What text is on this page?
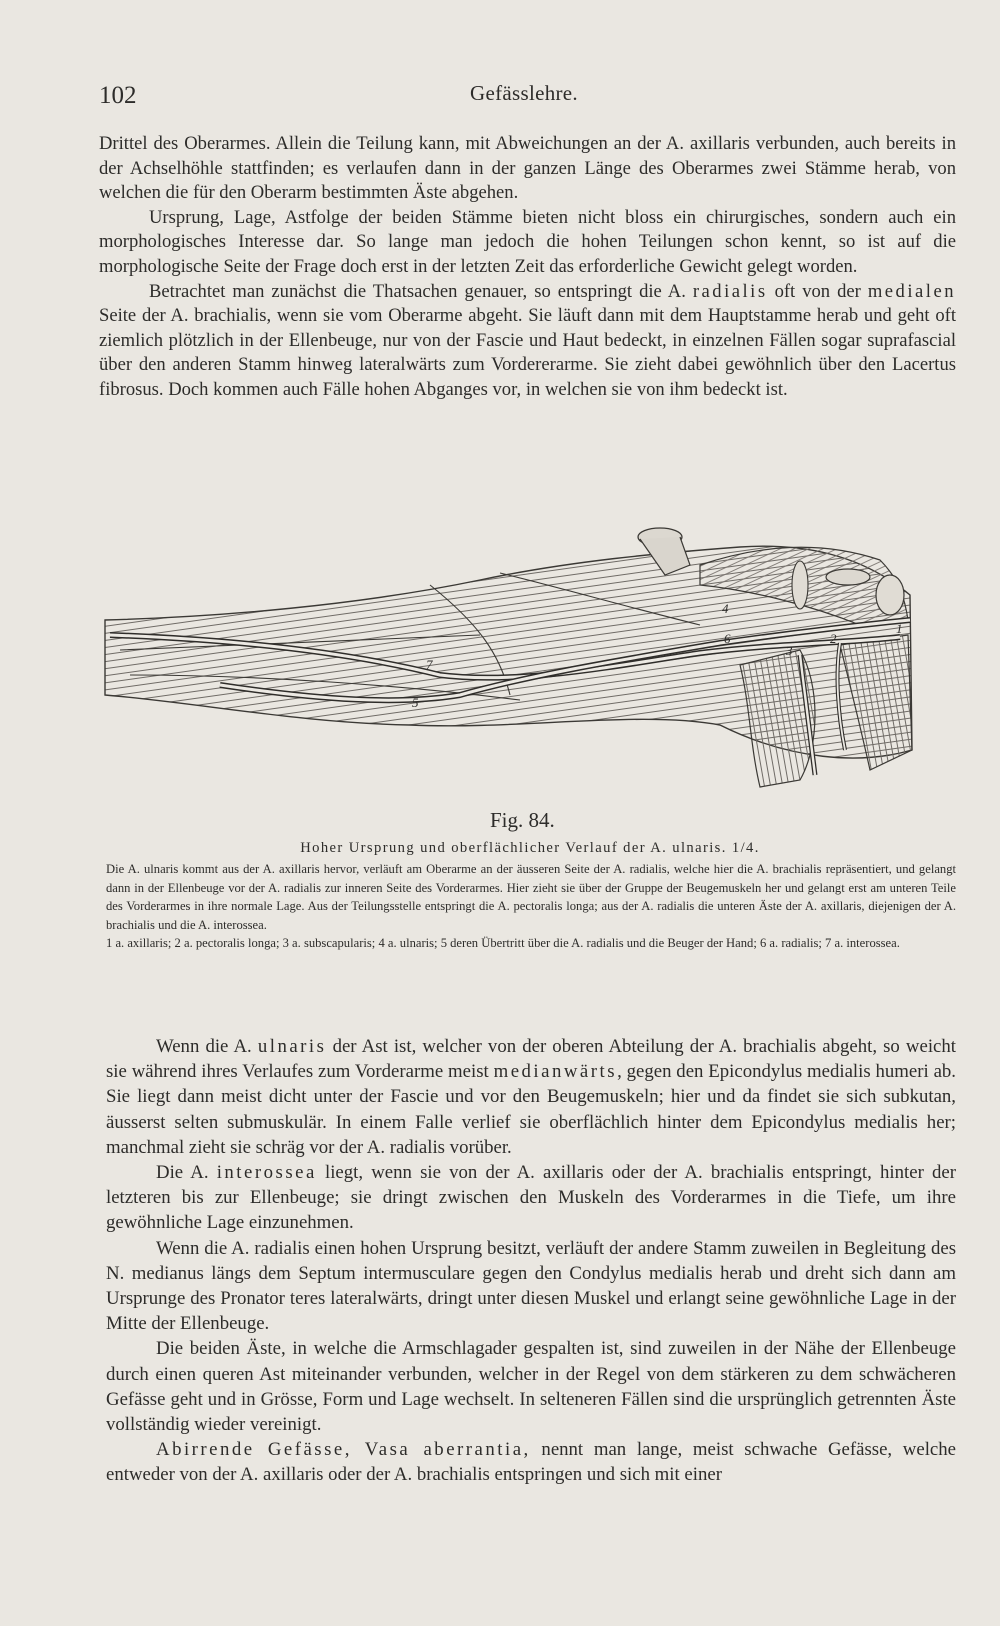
102	Gefässlehre.

Drittel des Oberarmes. Allein die Teilung kann, mit Abweichungen an der A. axillaris verbunden, auch bereits in der Achselhöhle stattfinden; es verlaufen dann in der ganzen Länge des Oberarmes zwei Stämme herab, von welchen die für den Oberarm bestimmten Äste abgehen.

Ursprung, Lage, Astfolge der beiden Stämme bieten nicht bloss ein chirurgisches, sondern auch ein morphologisches Interesse dar. So lange man jedoch die hohen Teilungen schon kennt, so ist auf die morphologische Seite der Frage doch erst in der letzten Zeit das erforderliche Gewicht gelegt worden.

Betrachtet man zunächst die Thatsachen genauer, so entspringt die A. radialis oft von der medialen Seite der A. brachialis, wenn sie vom Oberarme abgeht. Sie läuft dann mit dem Hauptstamme herab und geht oft ziemlich plötzlich in der Ellenbeuge, nur von der Fascie und Haut bedeckt, in einzelnen Fällen sogar suprafascial über den anderen Stamm hinweg lateralwärts zum Vordererarme. Sie zieht dabei gewöhnlich über den Lacertus fibrosus. Doch kommen auch Fälle hohen Abganges vor, in welchen sie von ihm bedeckt ist.

1
2
3
4
5
6
7
Fig. 84.
Hoher Ursprung und oberflächlicher Verlauf der A. ulnaris. 1/4.

Die A. ulnaris kommt aus der A. axillaris hervor, verläuft am Oberarme an der äusseren Seite der A. radialis, welche hier die A. brachialis repräsentiert, und gelangt dann in der Ellenbeuge vor der A. radialis zur inneren Seite des Vorderarmes. Hier zieht sie über der Gruppe der Beugemuskeln her und gelangt erst am unteren Teile des Vorderarmes in ihre normale Lage. Aus der Teilungsstelle entspringt die A. pectoralis longa; aus der A. radialis die unteren Äste der A. axillaris, diejenigen der A. brachialis und die A. interossea.

1 a. axillaris; 2 a. pectoralis longa; 3 a. subscapularis; 4 a. ulnaris; 5 deren Übertritt über die A. radialis und die Beuger der Hand; 6 a. radialis; 7 a. interossea.

Wenn die A. ulnaris der Ast ist, welcher von der oberen Abteilung der A. brachialis abgeht, so weicht sie während ihres Verlaufes zum Vorderarme meist medianwärts, gegen den Epicondylus medialis humeri ab. Sie liegt dann meist dicht unter der Fascie und vor den Beugemuskeln; hier und da findet sie sich subkutan, äusserst selten submuskulär. In einem Falle verlief sie oberflächlich hinter dem Epicondylus medialis her; manchmal zieht sie schräg vor der A. radialis vorüber.

Die A. interossea liegt, wenn sie von der A. axillaris oder der A. brachialis entspringt, hinter der letzteren bis zur Ellenbeuge; sie dringt zwischen den Muskeln des Vorderarmes in die Tiefe, um ihre gewöhnliche Lage einzunehmen.

Wenn die A. radialis einen hohen Ursprung besitzt, verläuft der andere Stamm zuweilen in Begleitung des N. medianus längs dem Septum intermusculare gegen den Condylus medialis herab und dreht sich dann am Ursprunge des Pronator teres lateralwärts, dringt unter diesen Muskel und erlangt seine gewöhnliche Lage in der Mitte der Ellenbeuge.

Die beiden Äste, in welche die Armschlagader gespalten ist, sind zuweilen in der Nähe der Ellenbeuge durch einen queren Ast miteinander verbunden, welcher in der Regel von dem stärkeren zu dem schwächeren Gefässe geht und in Grösse, Form und Lage wechselt. In selteneren Fällen sind die ursprünglich getrennten Äste vollständig wieder vereinigt.

Abirrende Gefässe, Vasa aberrantia, nennt man lange, meist schwache Gefässe, welche entweder von der A. axillaris oder der A. brachialis entspringen und sich mit einer
